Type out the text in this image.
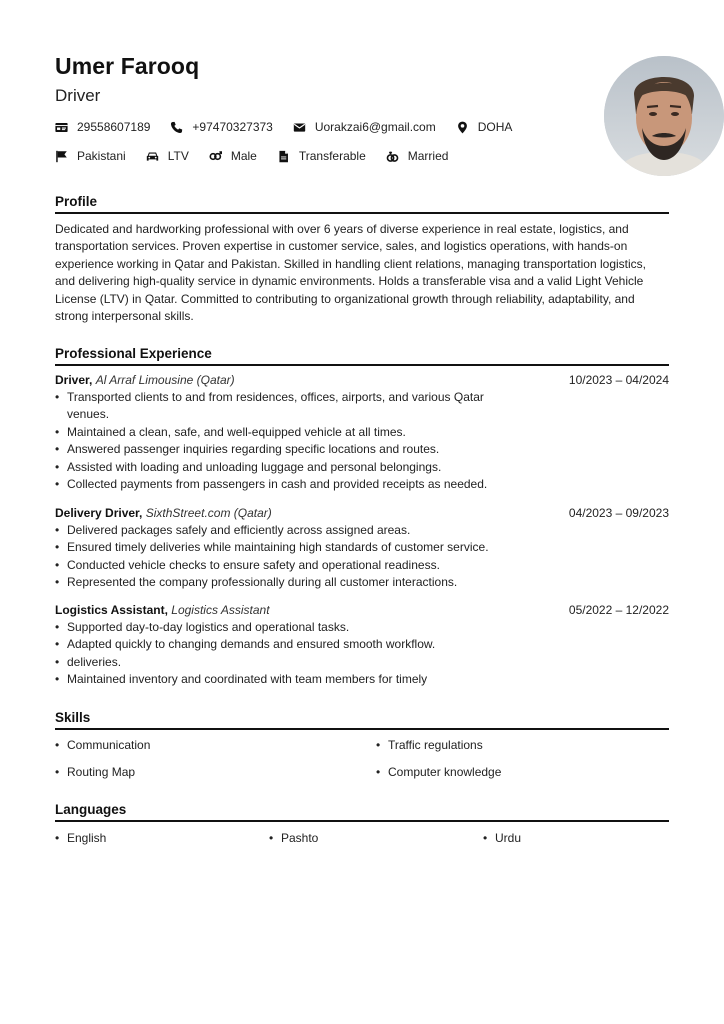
Umer Farooq
Driver
29558607189	+97470327373	Uorakzai6@gmail.com	DOHA
Pakistani	LTV	Male	Transferable	Married
Profile
Dedicated and hardworking professional with over 6 years of diverse experience in real estate, logistics, and transportation services. Proven expertise in customer service, sales, and logistics operations, with hands-on experience working in Qatar and Pakistan. Skilled in handling client relations, managing transportation logistics, and delivering high-quality service in dynamic environments. Holds a transferable visa and a valid Light Vehicle License (LTV) in Qatar. Committed to contributing to organizational growth through reliability, adaptability, and strong interpersonal skills.
Professional Experience
Driver, Al Arraf Limousine (Qatar)	10/2023 – 04/2024
• Transported clients to and from residences, offices, airports, and various Qatar venues.
• Maintained a clean, safe, and well-equipped vehicle at all times.
• Answered passenger inquiries regarding specific locations and routes.
• Assisted with loading and unloading luggage and personal belongings.
• Collected payments from passengers in cash and provided receipts as needed.
Delivery Driver, SixthStreet.com (Qatar)	04/2023 – 09/2023
• Delivered packages safely and efficiently across assigned areas.
• Ensured timely deliveries while maintaining high standards of customer service.
• Conducted vehicle checks to ensure safety and operational readiness.
• Represented the company professionally during all customer interactions.
Logistics Assistant, Logistics Assistant	05/2022 – 12/2022
• Supported day-to-day logistics and operational tasks.
• Adapted quickly to changing demands and ensured smooth workflow.
• deliveries.
• Maintained inventory and coordinated with team members for timely
Skills
• Communication	• Traffic regulations
• Routing Map	• Computer knowledge
Languages
• English	• Pashto	• Urdu
